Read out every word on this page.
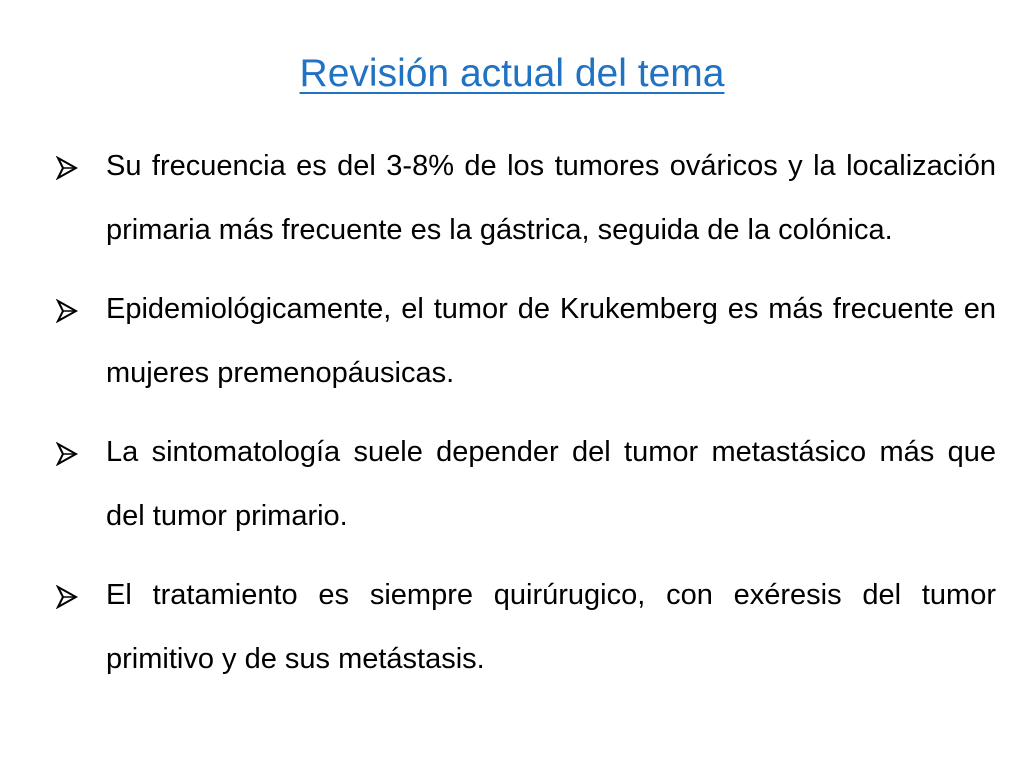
Revisión actual del tema
Su frecuencia es del 3-8% de los tumores ováricos y la localización primaria más frecuente es la gástrica, seguida de la colónica.
Epidemiológicamente, el tumor de Krukemberg es más frecuente en mujeres premenopáusicas.
La sintomatología suele depender del tumor metastásico más que del tumor primario.
El tratamiento es siempre quirúrugico, con exéresis del tumor primitivo y de sus metástasis.
